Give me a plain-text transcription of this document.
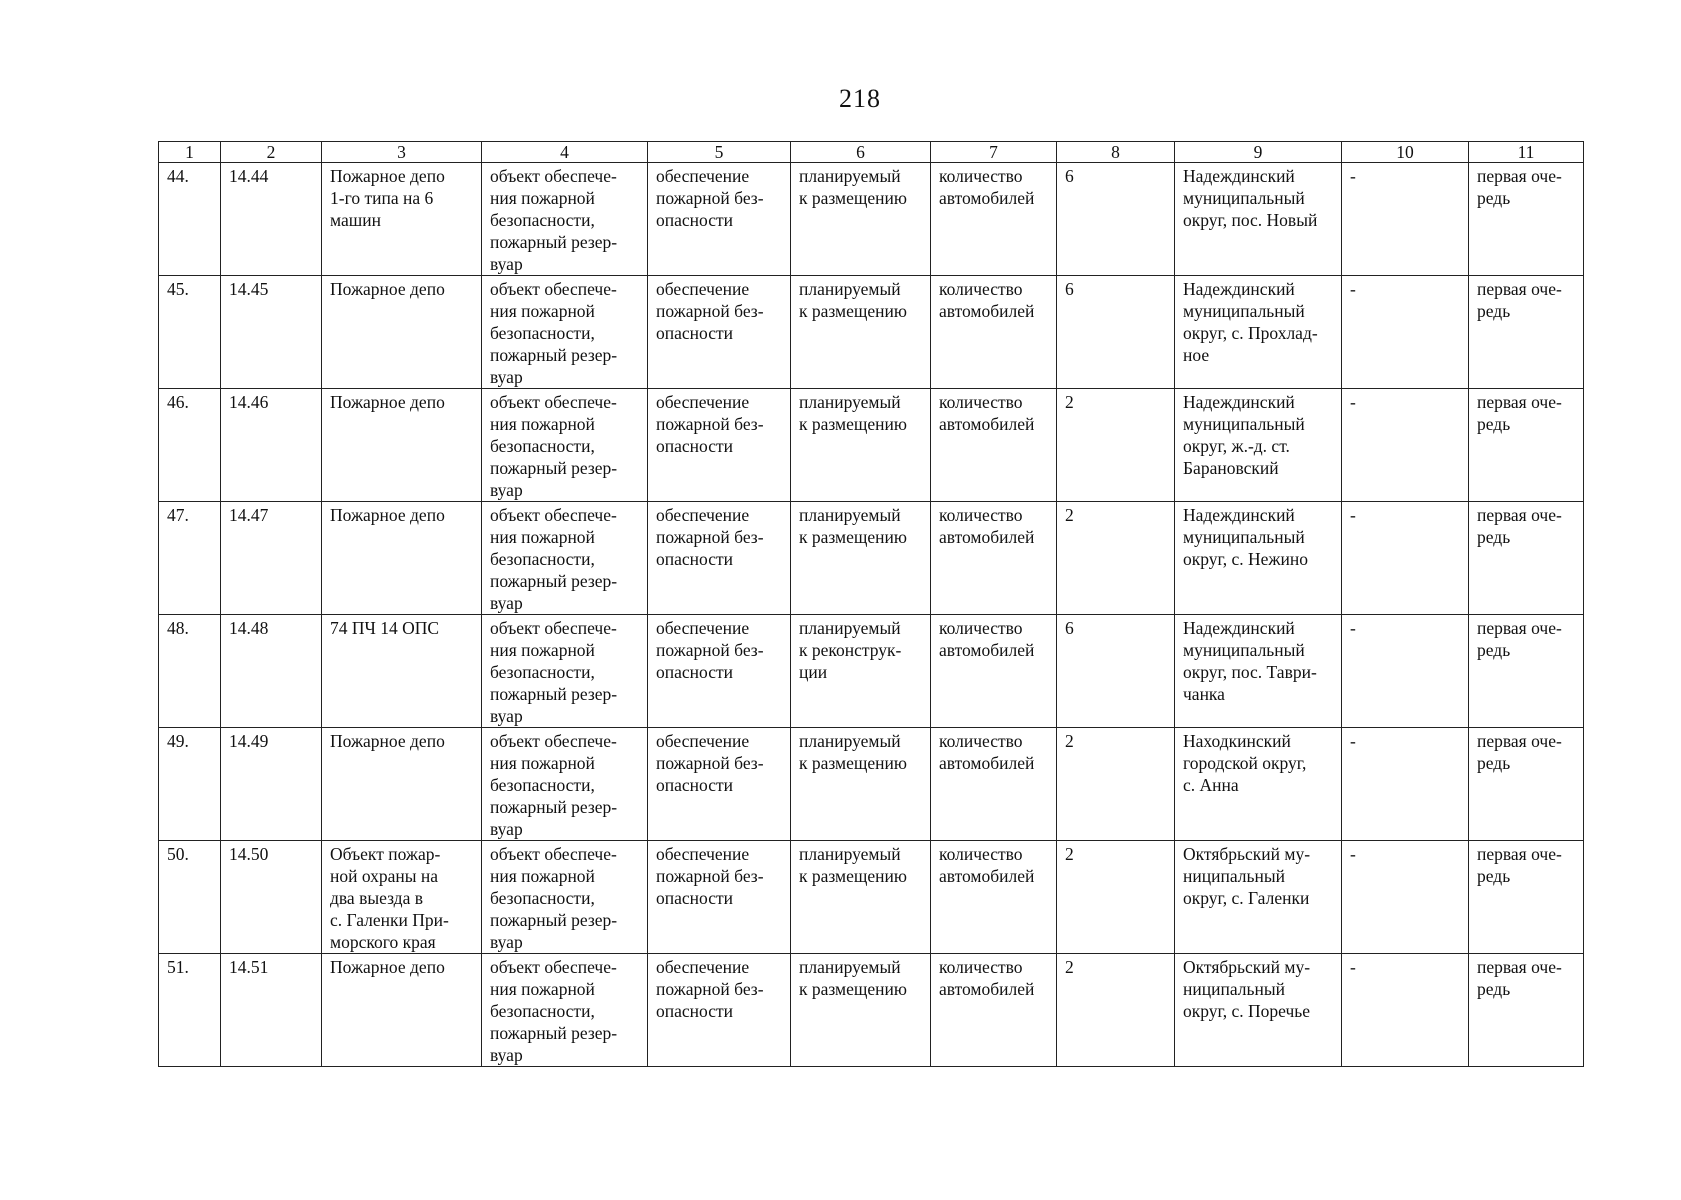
218
1	2	3	4	5	6	7	8	9	10	11
44.	14.44	Пожарное депо
1-го типа на 6
машин	объект обеспече-
ния пожарной
безопасности,
пожарный резер-
вуар	обеспечение
пожарной без-
опасности	планируемый
к размещению	количество
автомобилей	6	Надеждинский
муниципальный
округ, пос. Новый	-	первая оче-
редь
45.	14.45	Пожарное депо	объект обеспече-
ния пожарной
безопасности,
пожарный резер-
вуар	обеспечение
пожарной без-
опасности	планируемый
к размещению	количество
автомобилей	6	Надеждинский
муниципальный
округ, с. Прохлад-
ное	-	первая оче-
редь
46.	14.46	Пожарное депо	объект обеспече-
ния пожарной
безопасности,
пожарный резер-
вуар	обеспечение
пожарной без-
опасности	планируемый
к размещению	количество
автомобилей	2	Надеждинский
муниципальный
округ, ж.-д. ст.
Барановский	-	первая оче-
редь
47.	14.47	Пожарное депо	объект обеспече-
ния пожарной
безопасности,
пожарный резер-
вуар	обеспечение
пожарной без-
опасности	планируемый
к размещению	количество
автомобилей	2	Надеждинский
муниципальный
округ, с. Нежино	-	первая оче-
редь
48.	14.48	74 ПЧ 14 ОПС	объект обеспече-
ния пожарной
безопасности,
пожарный резер-
вуар	обеспечение
пожарной без-
опасности	планируемый
к реконструк-
ции	количество
автомобилей	6	Надеждинский
муниципальный
округ, пос. Таври-
чанка	-	первая оче-
редь
49.	14.49	Пожарное депо	объект обеспече-
ния пожарной
безопасности,
пожарный резер-
вуар	обеспечение
пожарной без-
опасности	планируемый
к размещению	количество
автомобилей	2	Находкинский
городской округ,
с. Анна	-	первая оче-
редь
50.	14.50	Объект пожар-
ной охраны на
два выезда в
с. Галенки При-
морского края	объект обеспече-
ния пожарной
безопасности,
пожарный резер-
вуар	обеспечение
пожарной без-
опасности	планируемый
к размещению	количество
автомобилей	2	Октябрьский му-
ниципальный
округ, с. Галенки	-	первая оче-
редь
51.	14.51	Пожарное депо	объект обеспече-
ния пожарной
безопасности,
пожарный резер-
вуар	обеспечение
пожарной без-
опасности	планируемый
к размещению	количество
автомобилей	2	Октябрьский му-
ниципальный
округ, с. Поречье	-	первая оче-
редь
